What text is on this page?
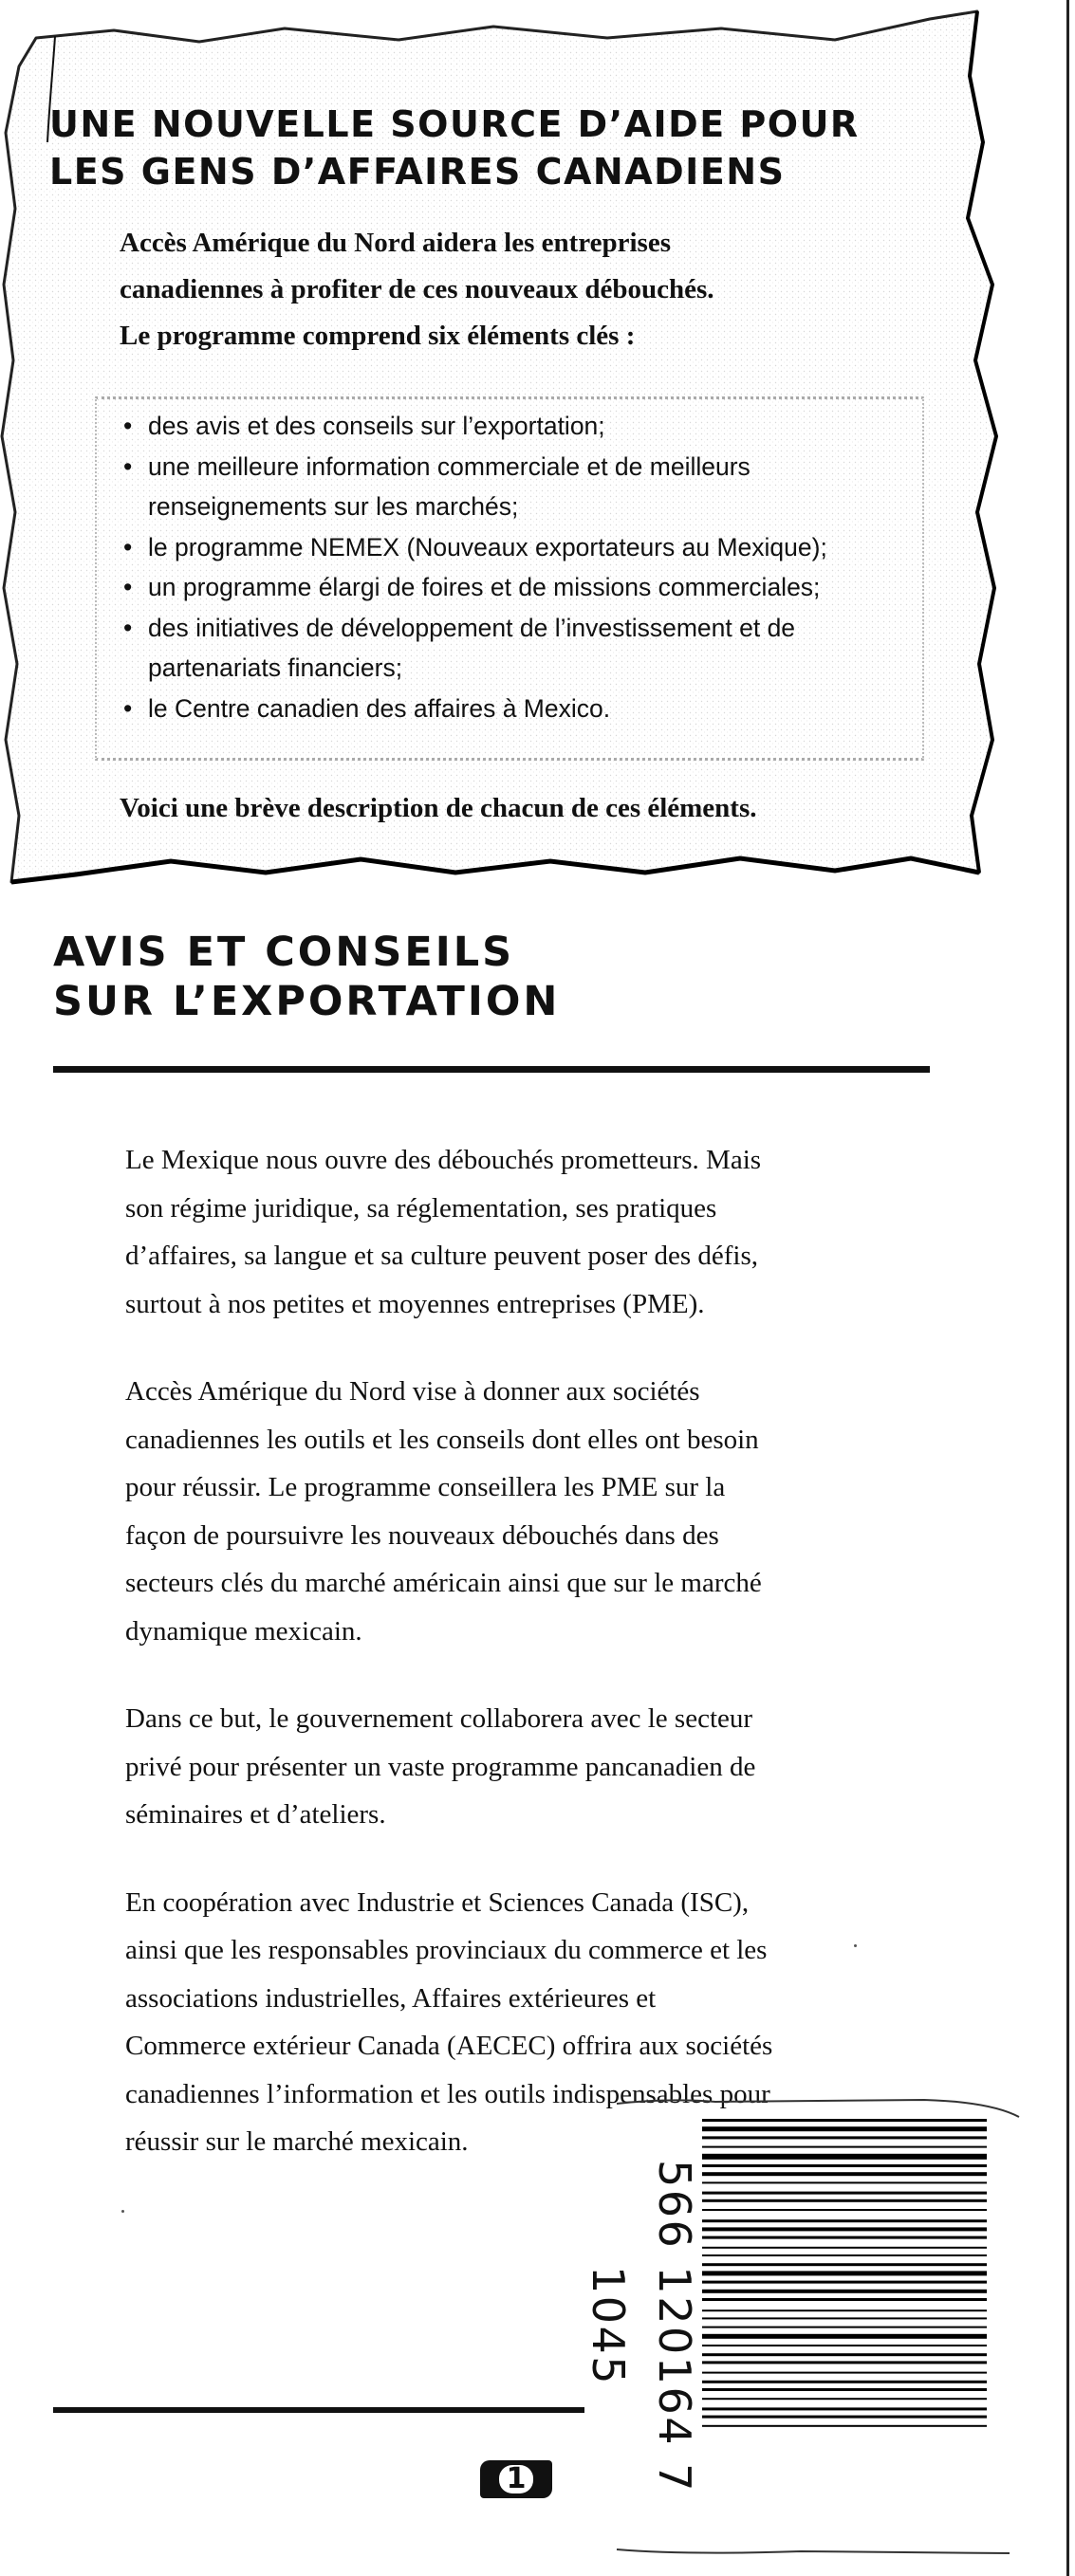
UNE NOUVELLE SOURCE D’AIDE POUR
LES GENS D’AFFAIRES CANADIENS

Accès Amérique du Nord aidera les entreprises
canadiennes à profiter de ces nouveaux débouchés.
Le programme comprend six éléments clés :

• des avis et des conseils sur l’exportation;
• une meilleure information commerciale et de meilleurs renseignements sur les marchés;
• le programme NEMEX (Nouveaux exportateurs au Mexique);
• un programme élargi de foires et de missions commerciales;
• des initiatives de développement de l’investissement et de partenariats financiers;
• le Centre canadien des affaires à Mexico.

Voici une brève description de chacun de ces éléments.

AVIS ET CONSEILS
SUR L’EXPORTATION

Le Mexique nous ouvre des débouchés prometteurs. Mais
son régime juridique, sa réglementation, ses pratiques
d’affaires, sa langue et sa culture peuvent poser des défis,
surtout à nos petites et moyennes entreprises (PME).

Accès Amérique du Nord vise à donner aux sociétés
canadiennes les outils et les conseils dont elles ont besoin
pour réussir. Le programme conseillera les PME sur la
façon de poursuivre les nouveaux débouchés dans des
secteurs clés du marché américain ainsi que sur le marché
dynamique mexicain.

Dans ce but, le gouvernement collaborera avec le secteur
privé pour présenter un vaste programme pancanadien de
séminaires et d’ateliers.

En coopération avec Industrie et Sciences Canada (ISC),
ainsi que les responsables provinciaux du commerce et les
associations industrielles, Affaires extérieures et
Commerce extérieur Canada (AECEC) offrira aux sociétés
canadiennes l’information et les outils indispensables pour
réussir sur le marché mexicain.

566 120164 7 1045
1
